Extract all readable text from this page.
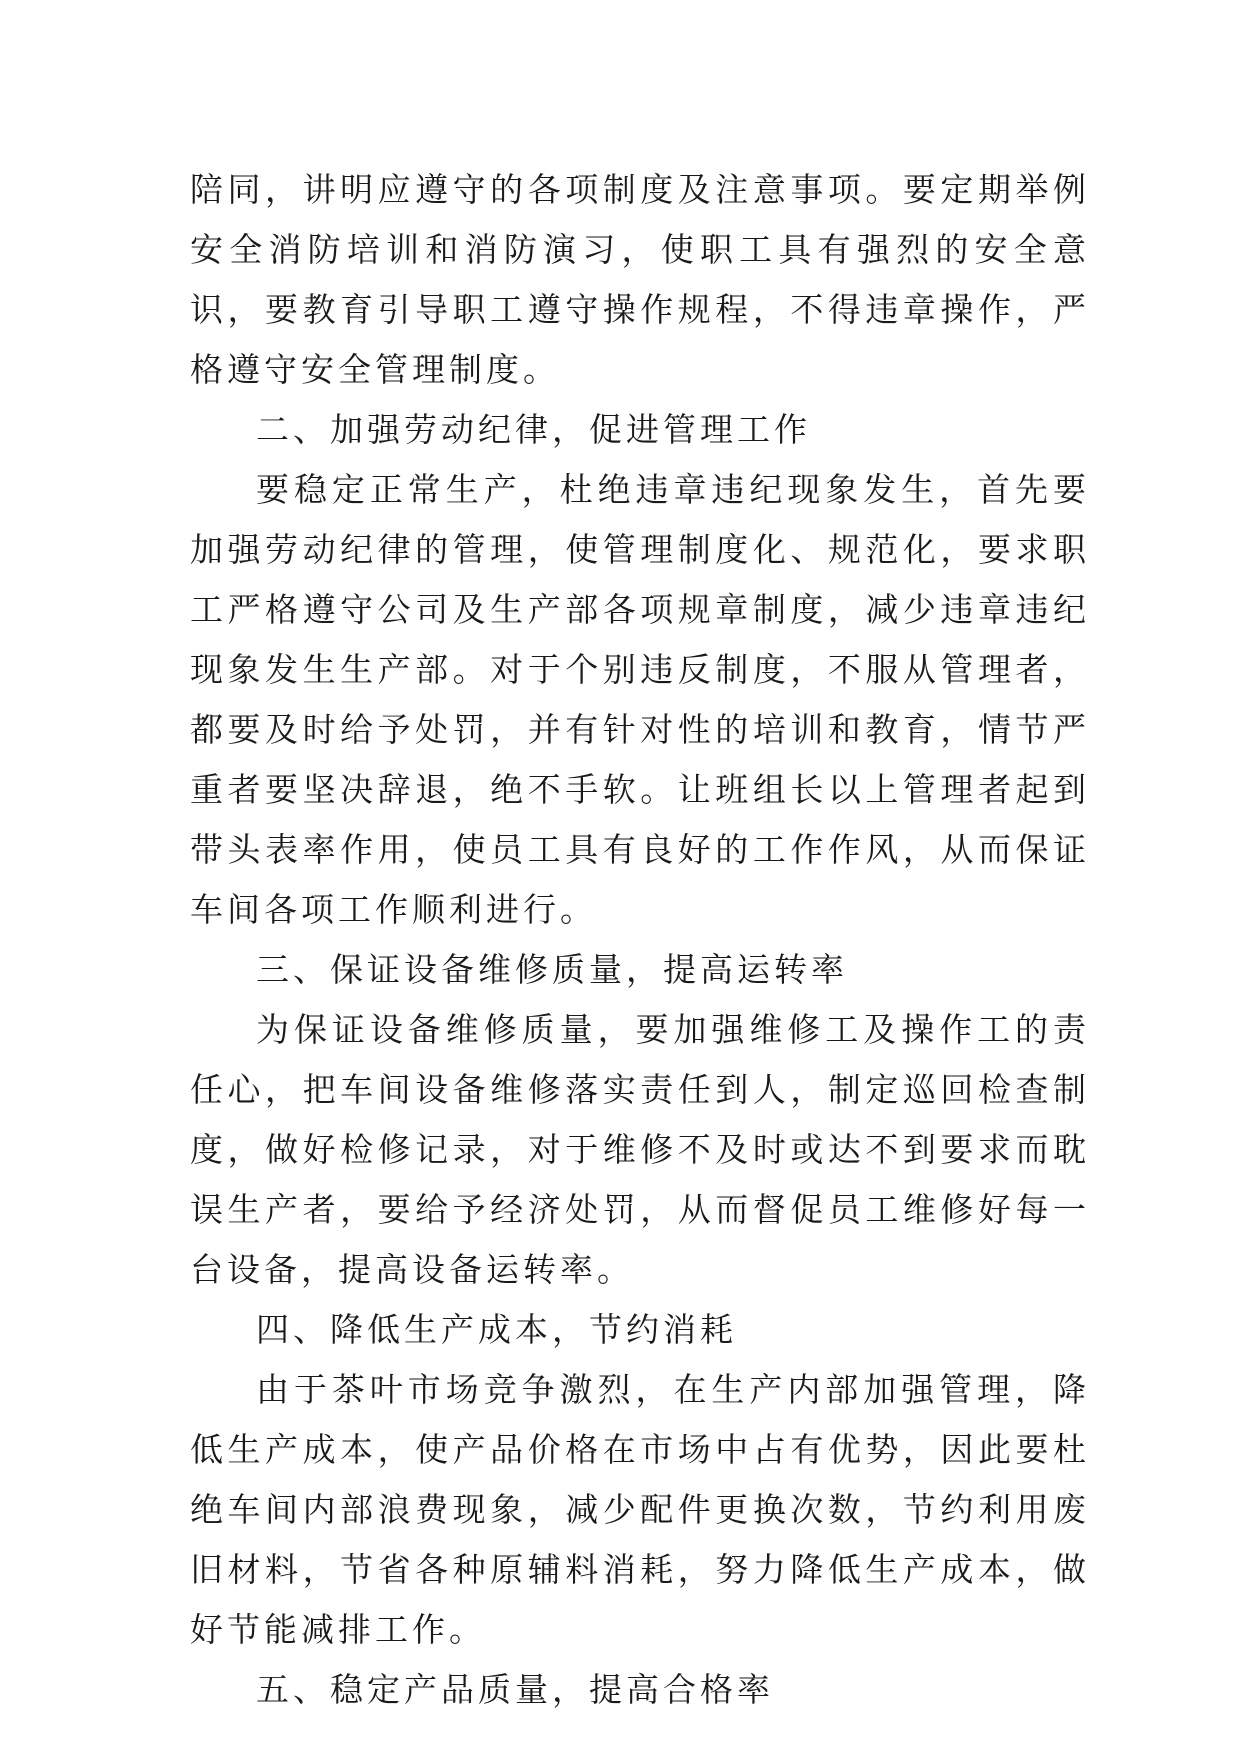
陪同，讲明应遵守的各项制度及注意事项。要定期举例安全消防培训和消防演习，使职工具有强烈的安全意识，要教育引导职工遵守操作规程，不得违章操作，严格遵守安全管理制度。

二、加强劳动纪律，促进管理工作

要稳定正常生产，杜绝违章违纪现象发生，首先要加强劳动纪律的管理，使管理制度化、规范化，要求职工严格遵守公司及生产部各项规章制度，减少违章违纪现象发生生产部。对于个别违反制度，不服从管理者，都要及时给予处罚，并有针对性的培训和教育，情节严重者要坚决辞退，绝不手软。让班组长以上管理者起到带头表率作用，使员工具有良好的工作作风，从而保证车间各项工作顺利进行。

三、保证设备维修质量，提高运转率

为保证设备维修质量，要加强维修工及操作工的责任心，把车间设备维修落实责任到人，制定巡回检查制度，做好检修记录，对于维修不及时或达不到要求而耽误生产者，要给予经济处罚，从而督促员工维修好每一台设备，提高设备运转率。

四、降低生产成本，节约消耗

由于茶叶市场竞争激烈，在生产内部加强管理，降低生产成本，使产品价格在市场中占有优势，因此要杜绝车间内部浪费现象，减少配件更换次数，节约利用废旧材料，节省各种原辅料消耗，努力降低生产成本，做好节能减排工作。

五、稳定产品质量，提高合格率
